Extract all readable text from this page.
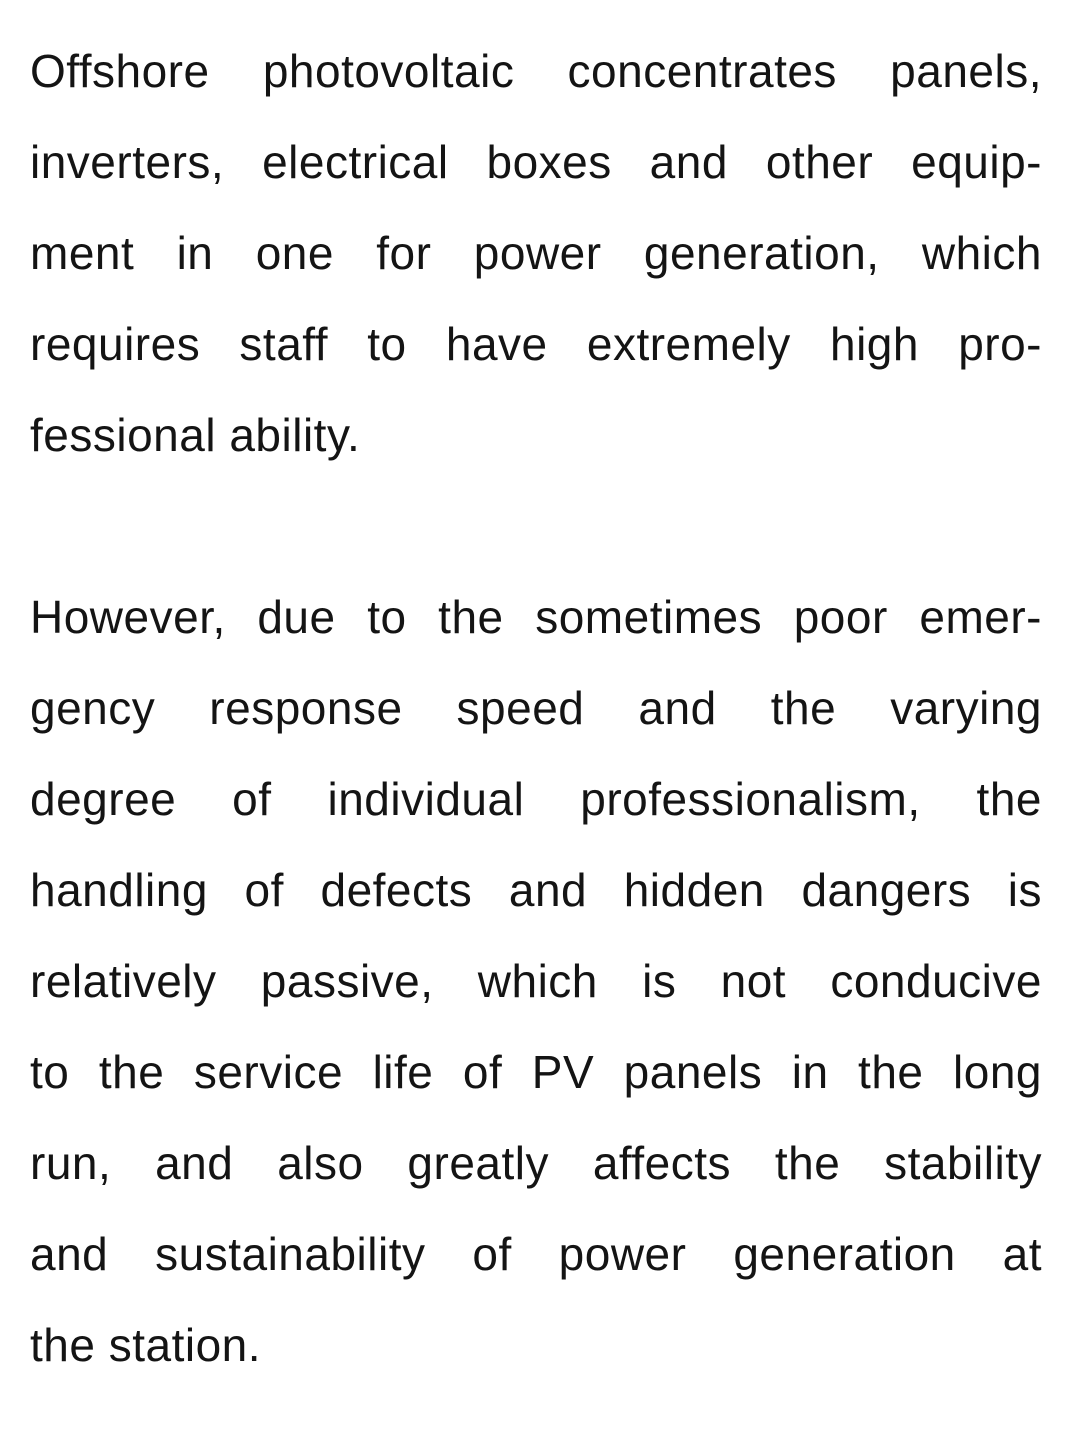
Offshore photovoltaic concentrates panels,
inverters, electrical boxes and other equip-
ment in one for power generation, which
requires staff to have extremely high pro-
fessional ability.
However, due to the sometimes poor emer-
gency response speed and the varying
degree of individual professionalism, the
handling of defects and hidden dangers is
relatively passive, which is not conducive
to the service life of PV panels in the long
run, and also greatly affects the stability
and sustainability of power generation at
the station.
